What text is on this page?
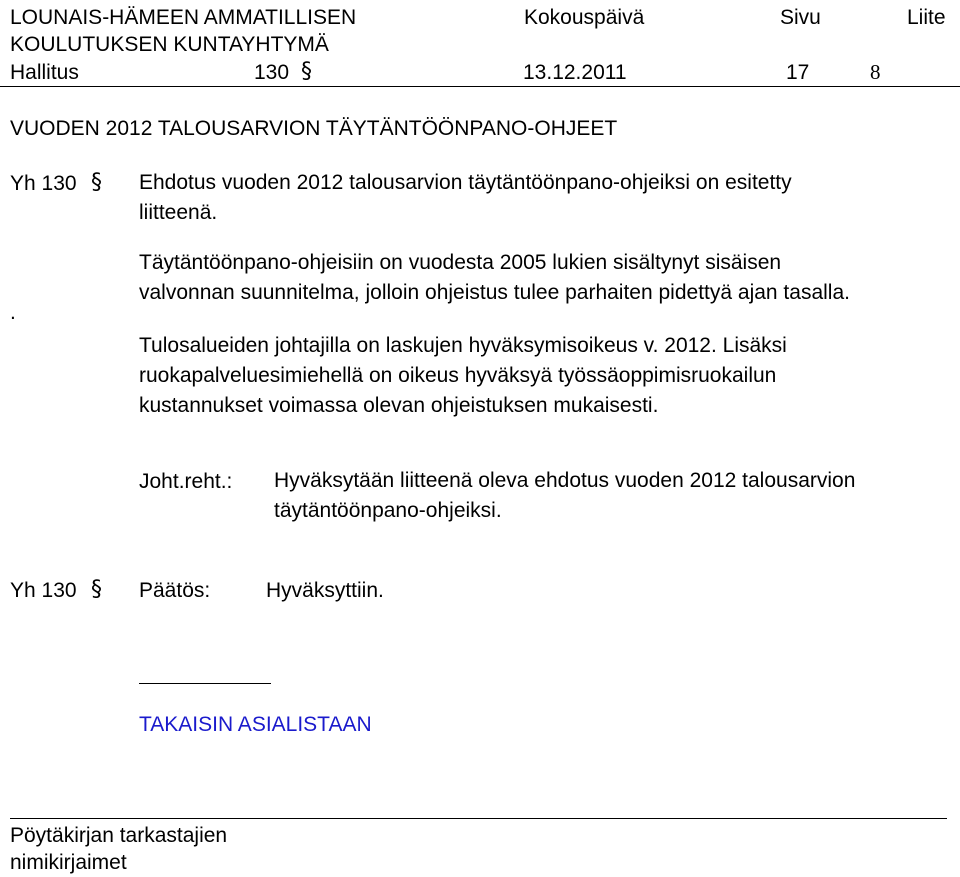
LOUNAIS-HÄMEEN AMMATILLISEN
KOULUTUKSEN KUNTAYHTYMÄ
Kokouspäivä	Sivu	Liite
Hallitus	130 §	13.12.2011	17	8
VUODEN 2012 TALOUSARVION TÄYTÄNTÖÖNPANO-OHJEET
Yh 130 § Ehdotus vuoden 2012 talousarvion täytäntöönpano-ohjeiksi on esitetty
liitteenä.
.
Täytäntöönpano-ohjeisiin on vuodesta 2005 lukien sisältynyt sisäisen
valvonnan suunnitelma, jolloin ohjeistus tulee parhaiten pidettyä ajan tasalla.
Tulosalueiden johtajilla on laskujen hyväksymisoikeus v. 2012. Lisäksi
ruokapalveluesimiehellä on oikeus hyväksyä työssäoppimisruokailun
kustannukset voimassa olevan ohjeistuksen mukaisesti.
Joht.reht.: Hyväksytään liitteenä oleva ehdotus vuoden 2012 talousarvion
täytäntöönpano-ohjeiksi.
Yh 130 § Päätös:	Hyväksyttiin.
TAKAISIN ASIALISTAAN
Pöytäkirjan tarkastajien
nimikirjaimet
